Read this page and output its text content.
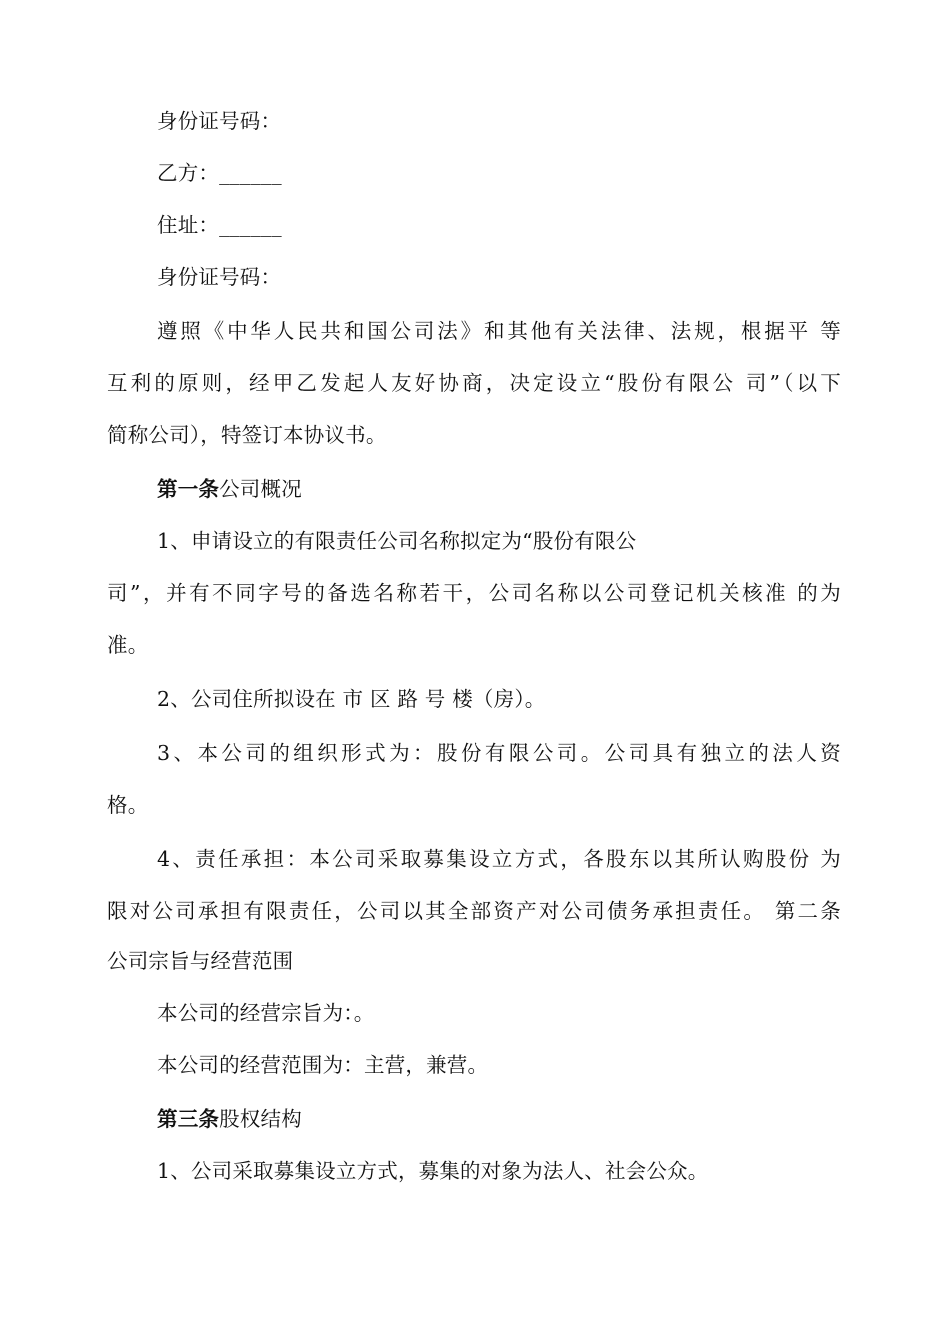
身份证号码：
乙方：______
住址：______
身份证号码：
遵照《中华人民共和国公司法》和其他有关法律、法规，根据平 等
互利的原则，经甲乙发起人友好协商，决定设立“股份有限公 司”（以下
简称公司），特签订本协议书。
第一条公司概况
1、申请设立的有限责任公司名称拟定为“股份有限公
司”，并有不同字号的备选名称若干，公司名称以公司登记机关核准 的为
准。
2、公司住所拟设在 市 区 路 号 楼（房）。
3、本公司的组织形式为：股份有限公司。公司具有独立的法人资
格。
4、责任承担：本公司采取募集设立方式，各股东以其所认购股份 为
限对公司承担有限责任，公司以其全部资产对公司债务承担责任。 第二条
公司宗旨与经营范围
本公司的经营宗旨为：。
本公司的经营范围为：主营，兼营。
第三条股权结构
1、公司采取募集设立方式，募集的对象为法人、社会公众。
